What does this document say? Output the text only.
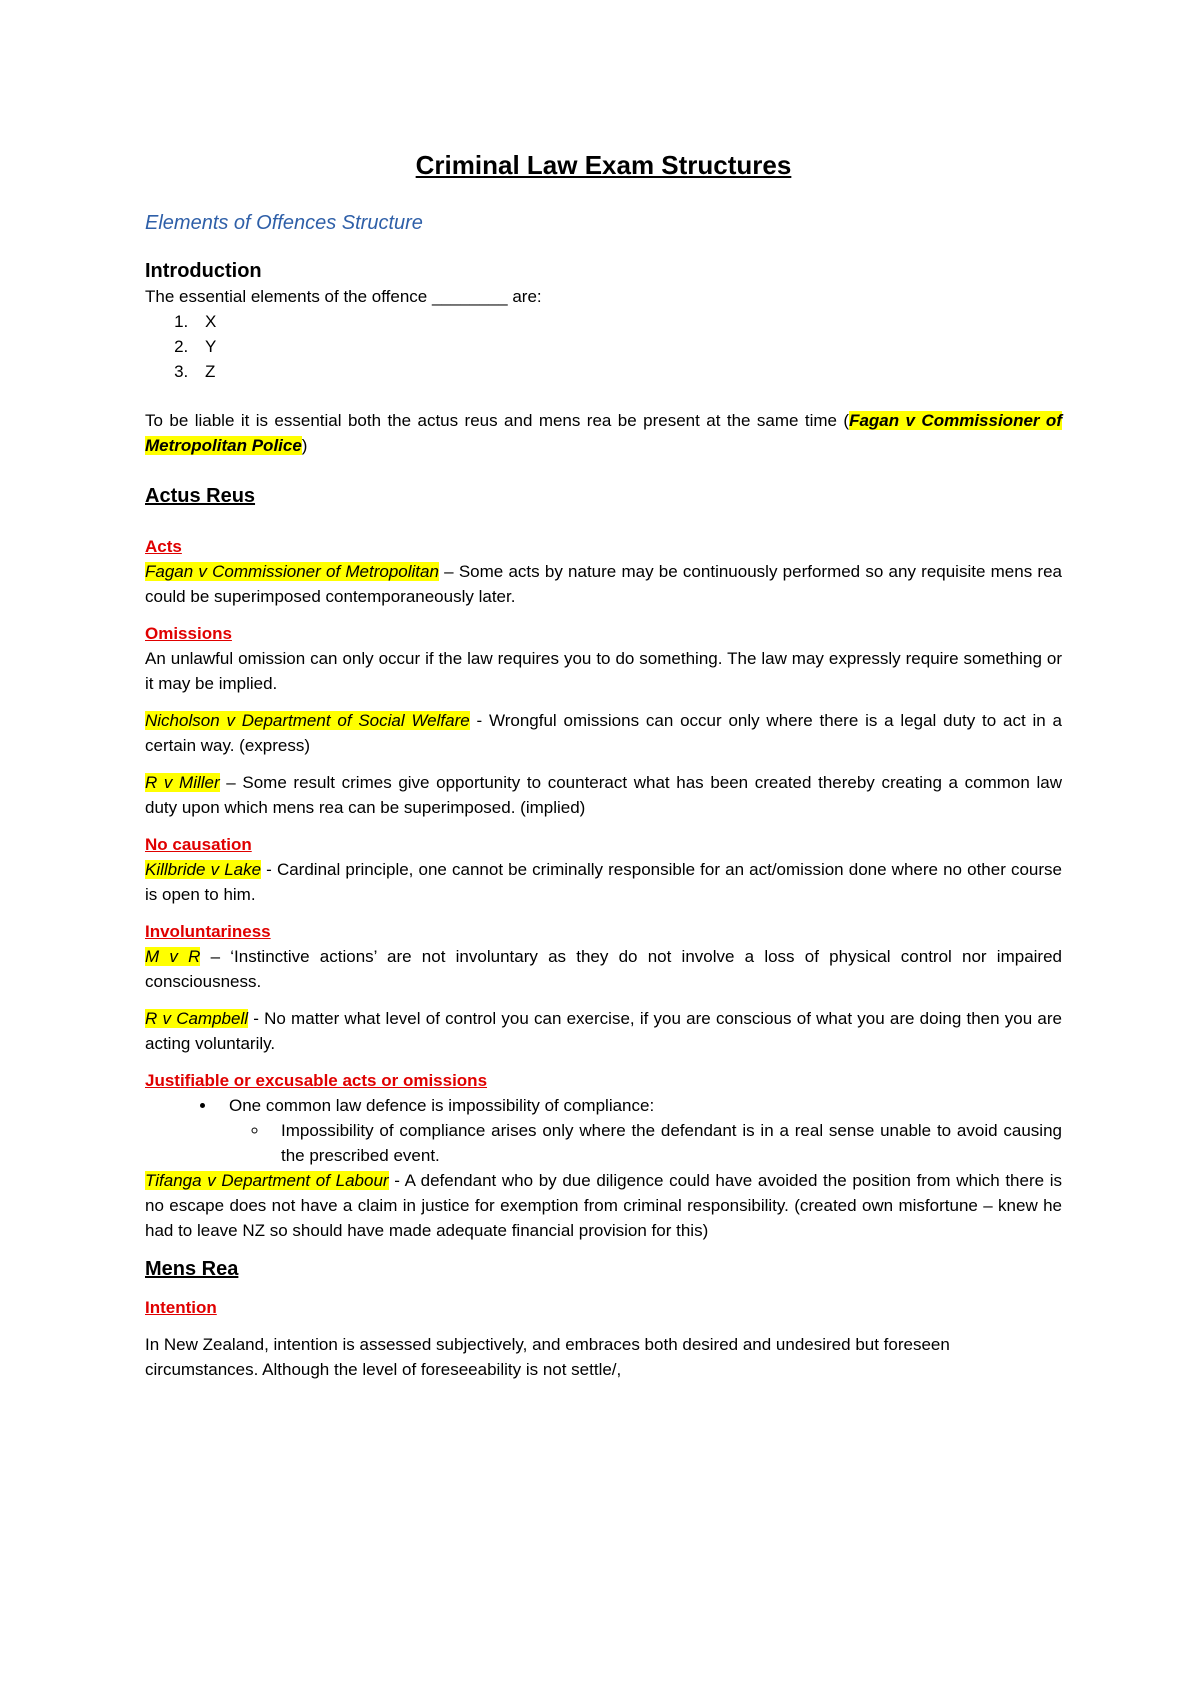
Criminal Law Exam Structures
Elements of Offences Structure
Introduction

The essential elements of the offence ________ are:

1. X
2. Y
3. Z

To be liable it is essential both the actus reus and mens rea be present at the same time (Fagan v Commissioner of Metropolitan Police)

Actus Reus

Acts

Fagan v Commissioner of Metropolitan – Some acts by nature may be continuously performed so any requisite mens rea could be superimposed contemporaneously later.

Omissions

An unlawful omission can only occur if the law requires you to do something. The law may expressly require something or it may be implied.

Nicholson v Department of Social Welfare - Wrongful omissions can occur only where there is a legal duty to act in a certain way. (express)

R v Miller – Some result crimes give opportunity to counteract what has been created thereby creating a common law duty upon which mens rea can be superimposed. (implied)

No causation

Killbride v Lake - Cardinal principle, one cannot be criminally responsible for an act/omission done where no other course is open to him.

Involuntariness

M v R – ‘Instinctive actions’ are not involuntary as they do not involve a loss of physical control nor impaired consciousness.

R v Campbell - No matter what level of control you can exercise, if you are conscious of what you are doing then you are acting voluntarily.

Justifiable or excusable acts or omissions

• One common law defence is impossibility of compliance:
◦ Impossibility of compliance arises only where the defendant is in a real sense unable to avoid causing the prescribed event.

Tifanga v Department of Labour - A defendant who by due diligence could have avoided the position from which there is no escape does not have a claim in justice for exemption from criminal responsibility. (created own misfortune – knew he had to leave NZ so should have made adequate financial provision for this)

Mens Rea

Intention

In New Zealand, intention is assessed subjectively, and embraces both desired and undesired but foreseen circumstances. Although the level of foreseeability is not settle/,
